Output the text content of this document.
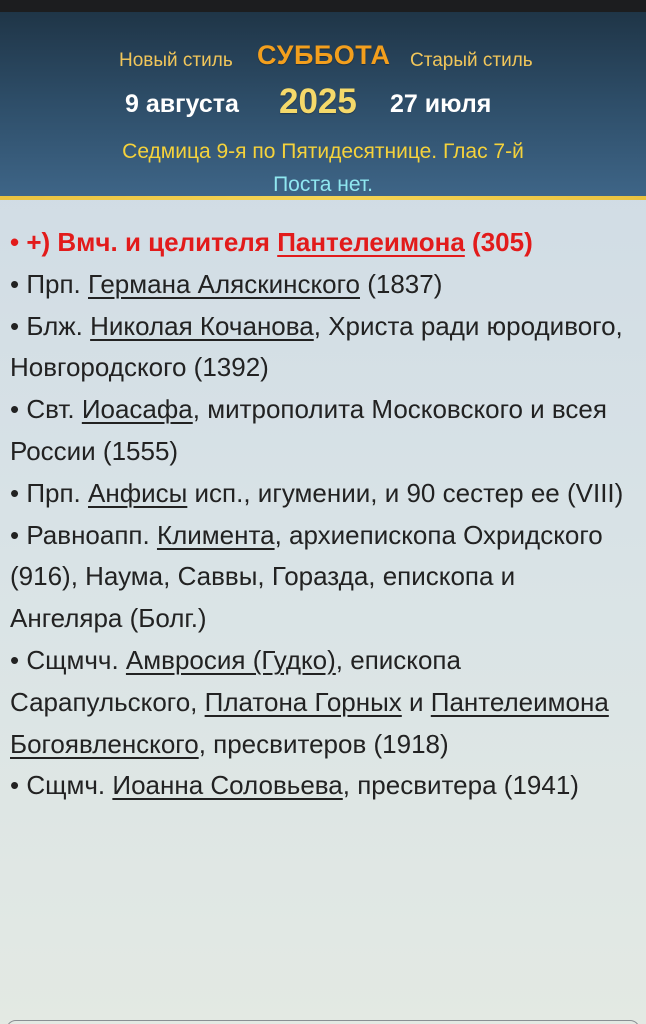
Новый стиль СУББОТА Старый стиль
9 августа 2025 27 июля
Седмица 9-я по Пятидесятнице. Глас 7-й
Поста нет.

• +) Вмч. и целителя Пантелеимона (305)

• Прп. Германа Аляскинского (1837)

• Блж. Николая Кочанова, Христа ради юродивого, Новгородского (1392)

• Свт. Иоасафа, митрополита Московского и всея России (1555)

• Прп. Анфисы исп., игумении, и 90 сестер ее (VIII)

• Равноапп. Климента, архиепископа Охридского (916), Наума, Саввы, Горазда, епископа и Ангеляра (Болг.)

• Сщмчч. Амвросия (Гудко), епископа Сарапульского, Платона Горных и Пантелеимона Богоявленского, пресвитеров (1918)

• Сщмч. Иоанна Соловьева, пресвитера (1941)
